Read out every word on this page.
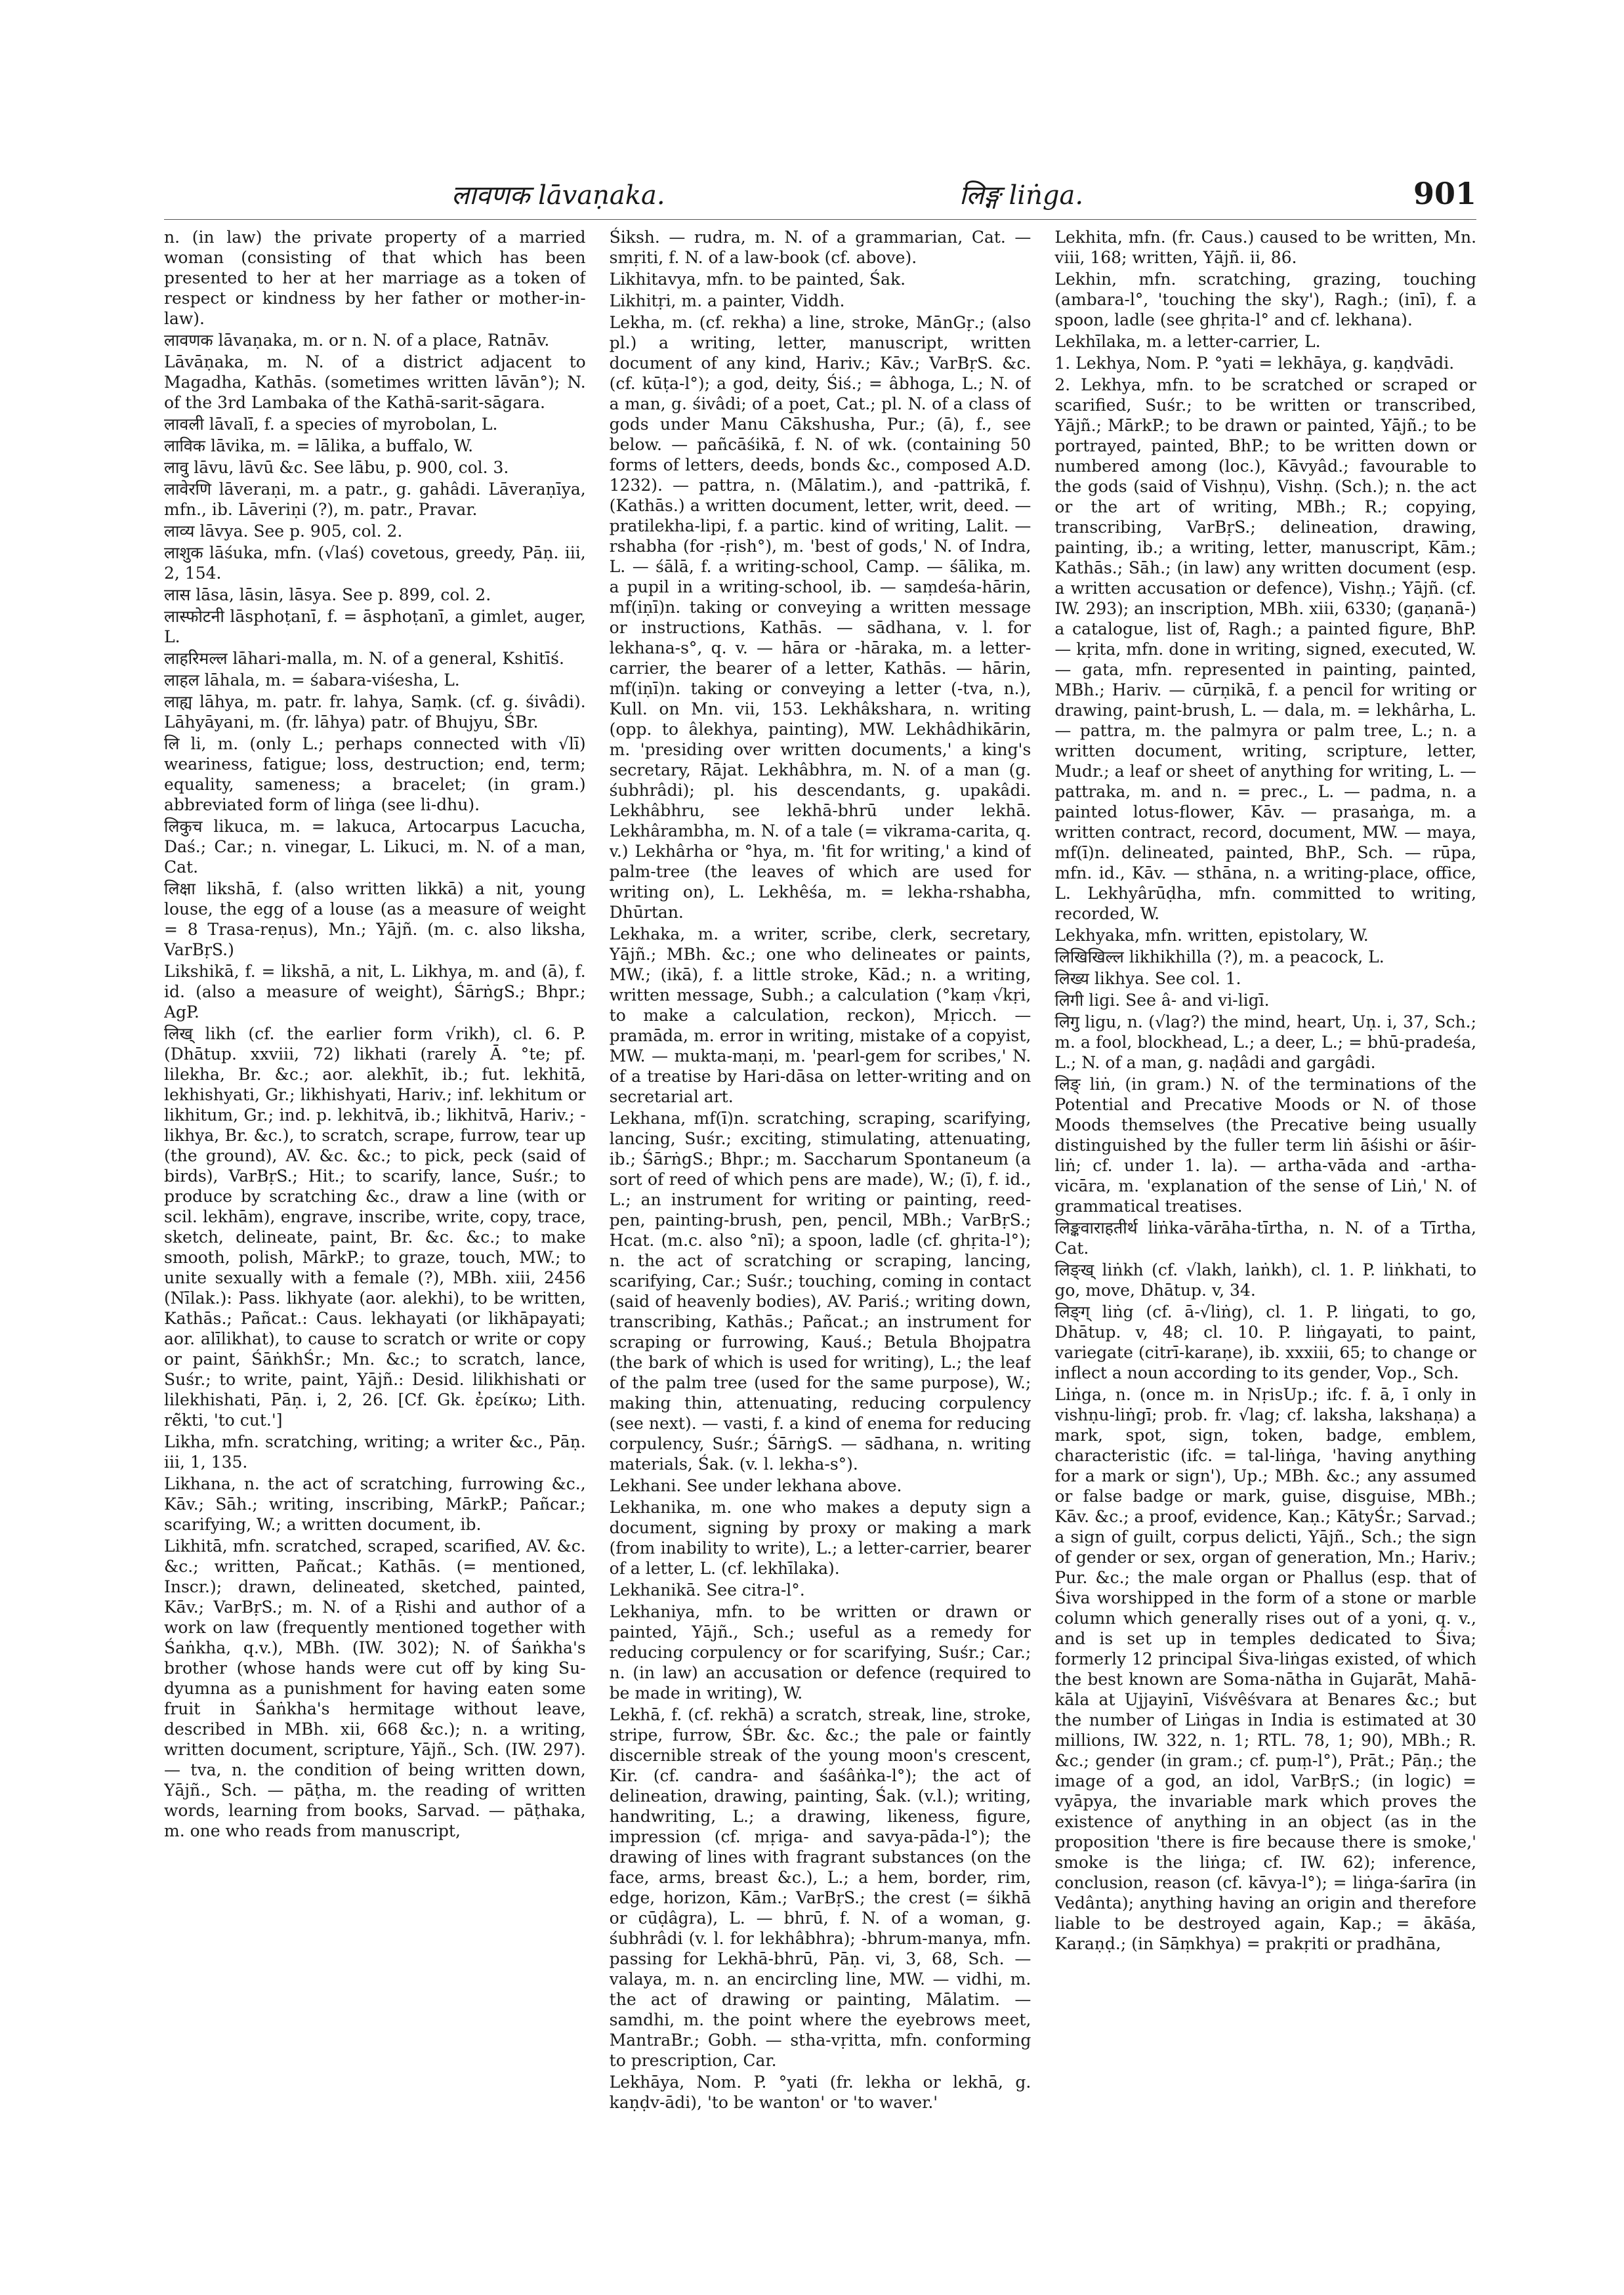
लावणक lāvaṇaka.	लिङ्ग liṅga.	901

n. (in law) the private property of a married woman (consisting of that which has been presented to her at her marriage as a token of respect or kindness by her father or mother-in-law).

लावणक lāvaṇaka, m. or n. N. of a place, Ratnāv.

Lāvāṇaka, m. N. of a district adjacent to Magadha, Kathās. (sometimes written lāvān°); N. of the 3rd Lambaka of the Kathā-sarit-sāgara.

लावली lāvalī, f. a species of myrobolan, L.

लाविक lāvika, m. = lālika, a buffalo, W.

लावु lāvu, lāvū &c. See lābu, p. 900, col. 3.

लावेरणि lāveraṇi, m. a patr., g. gahâdi. Lāveraṇīya, mfn., ib. Lāveriṇi (?), m. patr., Pravar.

लाव्य lāvya. See p. 905, col. 2.

लाशुक lāśuka, mfn. (√laś) covetous, greedy, Pāṇ. iii, 2, 154.

लास lāsa, lāsin, lāsya. See p. 899, col. 2.

लास्फोटनी lāsphoṭanī, f. = āsphoṭanī, a gimlet, auger, L.

लाहरिमल्ल lāhari-malla, m. N. of a general, Kshitīś.

लाहल lāhala, m. = śabara-viśesha, L.

लाह्य lāhya, m. patr. fr. lahya, Saṃk. (cf. g. śivâdi). Lāhyāyani, m. (fr. lāhya) patr. of Bhujyu, ŚBr.

लि li, m. (only L.; perhaps connected with √lī) weariness, fatigue; loss, destruction; end, term; equality, sameness; a bracelet; (in gram.) abbreviated form of liṅga (see li-dhu).

लिकुच likuca, m. = lakuca, Artocarpus Lacucha, Daś.; Car.; n. vinegar, L. Likuci, m. N. of a man, Cat.

लिक्षा likshā, f. (also written likkā) a nit, young louse, the egg of a louse (as a measure of weight = 8 Trasa-reṇus), Mn.; Yājñ. (m. c. also liksha, VarBṛS.)

Likshikā, f. = likshā, a nit, L. Likhya, m. and (ā), f. id. (also a measure of weight), ŚārṅgS.; Bhpr.; AgP.

लिख् likh (cf. the earlier form √rikh), cl. 6. P. (Dhātup. xxviii, 72) likhati (rarely Ā. °te; pf. lilekha, Br. &c.; aor. alekhīt, ib.; fut. lekhitā, lekhishyati, Gr.; likhishyati, Hariv.; inf. lekhitum or likhitum, Gr.; ind. p. lekhitvā, ib.; likhitvā, Hariv.; -likhya, Br. &c.), to scratch, scrape, furrow, tear up (the ground), AV. &c. &c.; to pick, peck (said of birds), VarBṛS.; Hit.; to scarify, lance, Suśr.; to produce by scratching &c., draw a line (with or scil. lekhām), engrave, inscribe, write, copy, trace, sketch, delineate, paint, Br. &c. &c.; to make smooth, polish, MārkP.; to graze, touch, MW.; to unite sexually with a female (?), MBh. xiii, 2456 (Nīlak.): Pass. likhyate (aor. alekhi), to be written, Kathās.; Pañcat.: Caus. lekhayati (or likhāpayati; aor. alīlikhat), to cause to scratch or write or copy or paint, ŚāṅkhŚr.; Mn. &c.; to scratch, lance, Suśr.; to write, paint, Yājñ.: Desid. lilikhishati or lilekhishati, Pāṇ. i, 2, 26. [Cf. Gk. ἐρείκω; Lith. rė̃kti, 'to cut.']

Likha, mfn. scratching, writing; a writer &c., Pāṇ. iii, 1, 135.

Likhana, n. the act of scratching, furrowing &c., Kāv.; Sāh.; writing, inscribing, MārkP.; Pañcar.; scarifying, W.; a written document, ib.

Likhitā, mfn. scratched, scraped, scarified, AV. &c. &c.; written, Pañcat.; Kathās. (= mentioned, Inscr.); drawn, delineated, sketched, painted, Kāv.; VarBṛS.; m. N. of a Ṛishi and author of a work on law (frequently mentioned together with Śaṅkha, q.v.), MBh. (IW. 302); N. of Śaṅkha's brother (whose hands were cut off by king Su-dyumna as a punishment for having eaten some fruit in Śaṅkha's hermitage without leave, described in MBh. xii, 668 &c.); n. a writing, written document, scripture, Yājñ., Sch. (IW. 297). — tva, n. the condition of being written down, Yājñ., Sch. — pāṭha, m. the reading of written words, learning from books, Sarvad. — pāṭhaka, m. one who reads from manuscript,

Śiksh. — rudra, m. N. of a grammarian, Cat. — smṛiti, f. N. of a law-book (cf. above).

Likhitavya, mfn. to be painted, Śak.

Likhitṛi, m. a painter, Viddh.

Lekha, m. (cf. rekha) a line, stroke, MānGṛ.; (also pl.) a writing, letter, manuscript, written document of any kind, Hariv.; Kāv.; VarBṛS. &c. (cf. kūṭa-l°); a god, deity, Śiś.; = âbhoga, L.; N. of a man, g. śivâdi; of a poet, Cat.; pl. N. of a class of gods under Manu Cākshusha, Pur.; (ā), f., see below. — pañcāśikā, f. N. of wk. (containing 50 forms of letters, deeds, bonds &c., composed A.D. 1232). — pattra, n. (Mālatim.), and -pattrikā, f. (Kathās.) a written document, letter, writ, deed. — pratilekha-lipi, f. a partic. kind of writing, Lalit. — rshabha (for -ṛish°), m. 'best of gods,' N. of Indra, L. — śālā, f. a writing-school, Camp. — śālika, m. a pupil in a writing-school, ib. — saṃdeśa-hārin, mf(iṇī)n. taking or conveying a written message or instructions, Kathās. — sādhana, v. l. for lekhana-s°, q. v. — hāra or -hāraka, m. a letter-carrier, the bearer of a letter, Kathās. — hārin, mf(iṇī)n. taking or conveying a letter (-tva, n.), Kull. on Mn. vii, 153. Lekhâkshara, n. writing (opp. to âlekhya, painting), MW. Lekhâdhikārin, m. 'presiding over written documents,' a king's secretary, Rājat. Lekhâbhra, m. N. of a man (g. śubhrâdi); pl. his descendants, g. upakâdi. Lekhâbhru, see lekhā-bhrū under lekhā. Lekhârambha, m. N. of a tale (= vikrama-carita, q. v.) Lekhârha or °hya, m. 'fit for writing,' a kind of palm-tree (the leaves of which are used for writing on), L. Lekhêśa, m. = lekha-rshabha, Dhūrtan.

Lekhaka, m. a writer, scribe, clerk, secretary, Yājñ.; MBh. &c.; one who delineates or paints, MW.; (ikā), f. a little stroke, Kād.; n. a writing, written message, Subh.; a calculation (°kaṃ √kṛi, to make a calculation, reckon), Mṛicch. — pramāda, m. error in writing, mistake of a copyist, MW. — mukta-maṇi, m. 'pearl-gem for scribes,' N. of a treatise by Hari-dāsa on letter-writing and on secretarial art.

Lekhana, mf(ī)n. scratching, scraping, scarifying, lancing, Suśr.; exciting, stimulating, attenuating, ib.; ŚārṅgS.; Bhpr.; m. Saccharum Spontaneum (a sort of reed of which pens are made), W.; (ī), f. id., L.; an instrument for writing or painting, reed-pen, painting-brush, pen, pencil, MBh.; VarBṛS.; Hcat. (m.c. also °nī); a spoon, ladle (cf. ghṛita-l°); n. the act of scratching or scraping, lancing, scarifying, Car.; Suśr.; touching, coming in contact (said of heavenly bodies), AV. Pariś.; writing down, transcribing, Kathās.; Pañcat.; an instrument for scraping or furrowing, Kauś.; Betula Bhojpatra (the bark of which is used for writing), L.; the leaf of the palm tree (used for the same purpose), W.; making thin, attenuating, reducing corpulency (see next). — vasti, f. a kind of enema for reducing corpulency, Suśr.; ŚārṅgS. — sādhana, n. writing materials, Śak. (v. l. lekha-s°).

Lekhani. See under lekhana above.

Lekhanika, m. one who makes a deputy sign a document, signing by proxy or making a mark (from inability to write), L.; a letter-carrier, bearer of a letter, L. (cf. lekhīlaka).

Lekhanikā. See citra-l°.

Lekhaniya, mfn. to be written or drawn or painted, Yājñ., Sch.; useful as a remedy for reducing corpulency or for scarifying, Suśr.; Car.; n. (in law) an accusation or defence (required to be made in writing), W.

Lekhā, f. (cf. rekhā) a scratch, streak, line, stroke, stripe, furrow, ŚBr. &c. &c.; the pale or faintly discernible streak of the young moon's crescent, Kir. (cf. candra- and śaśâṅka-l°); the act of delineation, drawing, painting, Śak. (v.l.); writing, handwriting, L.; a drawing, likeness, figure, impression (cf. mṛiga- and savya-pāda-l°); the drawing of lines with fragrant substances (on the face, arms, breast &c.), L.; a hem, border, rim, edge, horizon, Kām.; VarBṛS.; the crest (= śikhā or cūḍâgra), L. — bhrū, f. N. of a woman, g. śubhrâdi (v. l. for lekhâbhra); -bhrum-manya, mfn. passing for Lekhā-bhrū, Pāṇ. vi, 3, 68, Sch. — valaya, m. n. an encircling line, MW. — vidhi, m. the act of drawing or painting, Mālatim. — samdhi, m. the point where the eyebrows meet, MantraBr.; Gobh. — stha-vṛitta, mfn. conforming to prescription, Car.

Lekhāya, Nom. P. °yati (fr. lekha or lekhā, g. kaṇḍv-ādi), 'to be wanton' or 'to waver.'

Lekhita, mfn. (fr. Caus.) caused to be written, Mn. viii, 168; written, Yājñ. ii, 86.

Lekhin, mfn. scratching, grazing, touching (ambara-l°, 'touching the sky'), Ragh.; (inī), f. a spoon, ladle (see ghṛita-l° and cf. lekhana).

Lekhīlaka, m. a letter-carrier, L.

1. Lekhya, Nom. P. °yati = lekhāya, g. kaṇḍvādi.

2. Lekhya, mfn. to be scratched or scraped or scarified, Suśr.; to be written or transcribed, Yājñ.; MārkP.; to be drawn or painted, Yājñ.; to be portrayed, painted, BhP.; to be written down or numbered among (loc.), Kāvyâd.; favourable to the gods (said of Vishṇu), Vishṇ. (Sch.); n. the act or the art of writing, MBh.; R.; copying, transcribing, VarBṛS.; delineation, drawing, painting, ib.; a writing, letter, manuscript, Kām.; Kathās.; Sāh.; (in law) any written document (esp. a written accusation or defence), Vishṇ.; Yājñ. (cf. IW. 293); an inscription, MBh. xiii, 6330; (gaṇanā-) a catalogue, list of, Ragh.; a painted figure, BhP. — kṛita, mfn. done in writing, signed, executed, W. — gata, mfn. represented in painting, painted, MBh.; Hariv. — cūrṇikā, f. a pencil for writing or drawing, paint-brush, L. — dala, m. = lekhârha, L. — pattra, m. the palmyra or palm tree, L.; n. a written document, writing, scripture, letter, Mudr.; a leaf or sheet of anything for writing, L. — pattraka, m. and n. = prec., L. — padma, n. a painted lotus-flower, Kāv. — prasaṅga, m. a written contract, record, document, MW. — maya, mf(ī)n. delineated, painted, BhP., Sch. — rūpa, mfn. id., Kāv. — sthāna, n. a writing-place, office, L. Lekhyârūḍha, mfn. committed to writing, recorded, W.

Lekhyaka, mfn. written, epistolary, W.

लिखिखिल्ल likhikhilla (?), m. a peacock, L.

लिख्य likhya. See col. 1.

लिगी ligi. See â- and vi-ligī.

लिगु ligu, n. (√lag?) the mind, heart, Uṇ. i, 37, Sch.; m. a fool, blockhead, L.; a deer, L.; = bhū-pradeśa, L.; N. of a man, g. naḍâdi and gargâdi.

लिङ् liṅ, (in gram.) N. of the terminations of the Potential and Precative Moods or N. of those Moods themselves (the Precative being usually distinguished by the fuller term liṅ āśishi or āśir-liṅ; cf. under 1. la). — artha-vāda and -artha-vicāra, m. 'explanation of the sense of Liṅ,' N. of grammatical treatises.

लिङ्कवाराहतीर्थ liṅka-vārāha-tīrtha, n. N. of a Tīrtha, Cat.

लिङ्ख् liṅkh (cf. √lakh, laṅkh), cl. 1. P. liṅkhati, to go, move, Dhātup. v, 34.

लिङ्ग् liṅg (cf. ā-√liṅg), cl. 1. P. liṅgati, to go, Dhātup. v, 48; cl. 10. P. liṅgayati, to paint, variegate (citrī-karaṇe), ib. xxxiii, 65; to change or inflect a noun according to its gender, Vop., Sch.

Liṅga, n. (once m. in NṛisUp.; ifc. f. ā, ī only in vishṇu-liṅgī; prob. fr. √lag; cf. laksha, lakshaṇa) a mark, spot, sign, token, badge, emblem, characteristic (ifc. = tal-liṅga, 'having anything for a mark or sign'), Up.; MBh. &c.; any assumed or false badge or mark, guise, disguise, MBh.; Kāv. &c.; a proof, evidence, Kaṇ.; KātyŚr.; Sarvad.; a sign of guilt, corpus delicti, Yājñ., Sch.; the sign of gender or sex, organ of generation, Mn.; Hariv.; Pur. &c.; the male organ or Phallus (esp. that of Śiva worshipped in the form of a stone or marble column which generally rises out of a yoni, q. v., and is set up in temples dedicated to Śiva; formerly 12 principal Śiva-liṅgas existed, of which the best known are Soma-nātha in Gujarāt, Mahā-kāla at Ujjayinī, Viśvêśvara at Benares &c.; but the number of Liṅgas in India is estimated at 30 millions, IW. 322, n. 1; RTL. 78, 1; 90), MBh.; R. &c.; gender (in gram.; cf. puṃ-l°), Prāt.; Pāṇ.; the image of a god, an idol, VarBṛS.; (in logic) = vyāpya, the invariable mark which proves the existence of anything in an object (as in the proposition 'there is fire because there is smoke,' smoke is the liṅga; cf. IW. 62); inference, conclusion, reason (cf. kāvya-l°); = liṅga-śarīra (in Vedânta); anything having an origin and therefore liable to be destroyed again, Kap.; = ākāśa, Karaṇḍ.; (in Sāṃkhya) = prakṛiti or pradhāna,
